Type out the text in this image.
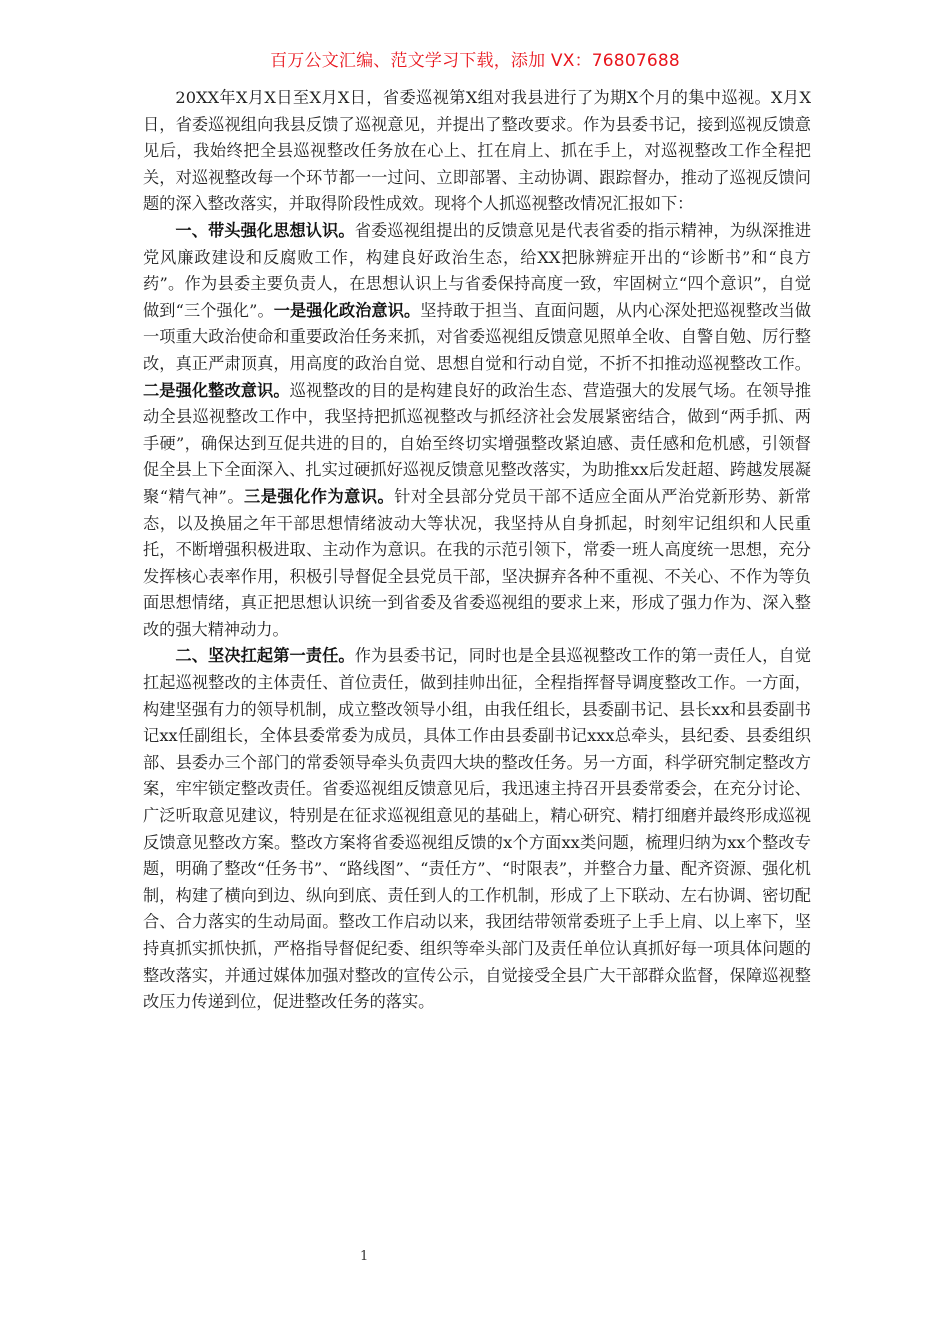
百万公文汇编、范文学习下载，添加 VX：76807688

20XX年X月X日至X月X日，省委巡视第X组对我县进行了为期X个月的集中巡视。X月X日，省委巡视组向我县反馈了巡视意见，并提出了整改要求。作为县委书记，接到巡视反馈意见后，我始终把全县巡视整改任务放在心上、扛在肩上、抓在手上，对巡视整改工作全程把关，对巡视整改每一个环节都一一过问、立即部署、主动协调、跟踪督办，推动了巡视反馈问题的深入整改落实，并取得阶段性成效。现将个人抓巡视整改情况汇报如下：

一、带头强化思想认识。省委巡视组提出的反馈意见是代表省委的指示精神，为纵深推进党风廉政建设和反腐败工作，构建良好政治生态，给XX把脉辨症开出的“诊断书”和“良方药”。作为县委主要负责人，在思想认识上与省委保持高度一致，牢固树立“四个意识”，自觉做到“三个强化”。一是强化政治意识。坚持敢于担当、直面问题，从内心深处把巡视整改当做一项重大政治使命和重要政治任务来抓，对省委巡视组反馈意见照单全收、自警自勉、厉行整改，真正严肃顶真，用高度的政治自觉、思想自觉和行动自觉，不折不扣推动巡视整改工作。二是强化整改意识。巡视整改的目的是构建良好的政治生态、营造强大的发展气场。在领导推动全县巡视整改工作中，我坚持把抓巡视整改与抓经济社会发展紧密结合，做到“两手抓、两手硬”，确保达到互促共进的目的，自始至终切实增强整改紧迫感、责任感和危机感，引领督促全县上下全面深入、扎实过硬抓好巡视反馈意见整改落实，为助推xx后发赶超、跨越发展凝聚“精气神”。三是强化作为意识。针对全县部分党员干部不适应全面从严治党新形势、新常态，以及换届之年干部思想情绪波动大等状况，我坚持从自身抓起，时刻牢记组织和人民重托，不断增强积极进取、主动作为意识。在我的示范引领下，常委一班人高度统一思想，充分发挥核心表率作用，积极引导督促全县党员干部，坚决摒弃各种不重视、不关心、不作为等负面思想情绪，真正把思想认识统一到省委及省委巡视组的要求上来，形成了强力作为、深入整改的强大精神动力。

二、坚决扛起第一责任。作为县委书记，同时也是全县巡视整改工作的第一责任人，自觉扛起巡视整改的主体责任、首位责任，做到挂帅出征，全程指挥督导调度整改工作。一方面，构建坚强有力的领导机制，成立整改领导小组，由我任组长，县委副书记、县长xx和县委副书记xx任副组长，全体县委常委为成员，具体工作由县委副书记xxx总牵头，县纪委、县委组织部、县委办三个部门的常委领导牵头负责四大块的整改任务。另一方面，科学研究制定整改方案，牢牢锁定整改责任。省委巡视组反馈意见后，我迅速主持召开县委常委会，在充分讨论、广泛听取意见建议，特别是在征求巡视组意见的基础上，精心研究、精打细磨并最终形成巡视反馈意见整改方案。整改方案将省委巡视组反馈的x个方面xx类问题，梳理归纳为xx个整改专题，明确了整改“任务书”、“路线图”、“责任方”、“时限表”，并整合力量、配齐资源、强化机制，构建了横向到边、纵向到底、责任到人的工作机制，形成了上下联动、左右协调、密切配合、合力落实的生动局面。整改工作启动以来，我团结带领常委班子上手上肩、以上率下，坚持真抓实抓快抓，严格指导督促纪委、组织等牵头部门及责任单位认真抓好每一项具体问题的整改落实，并通过媒体加强对整改的宣传公示，自觉接受全县广大干部群众监督，保障巡视整改压力传递到位，促进整改任务的落实。

1
